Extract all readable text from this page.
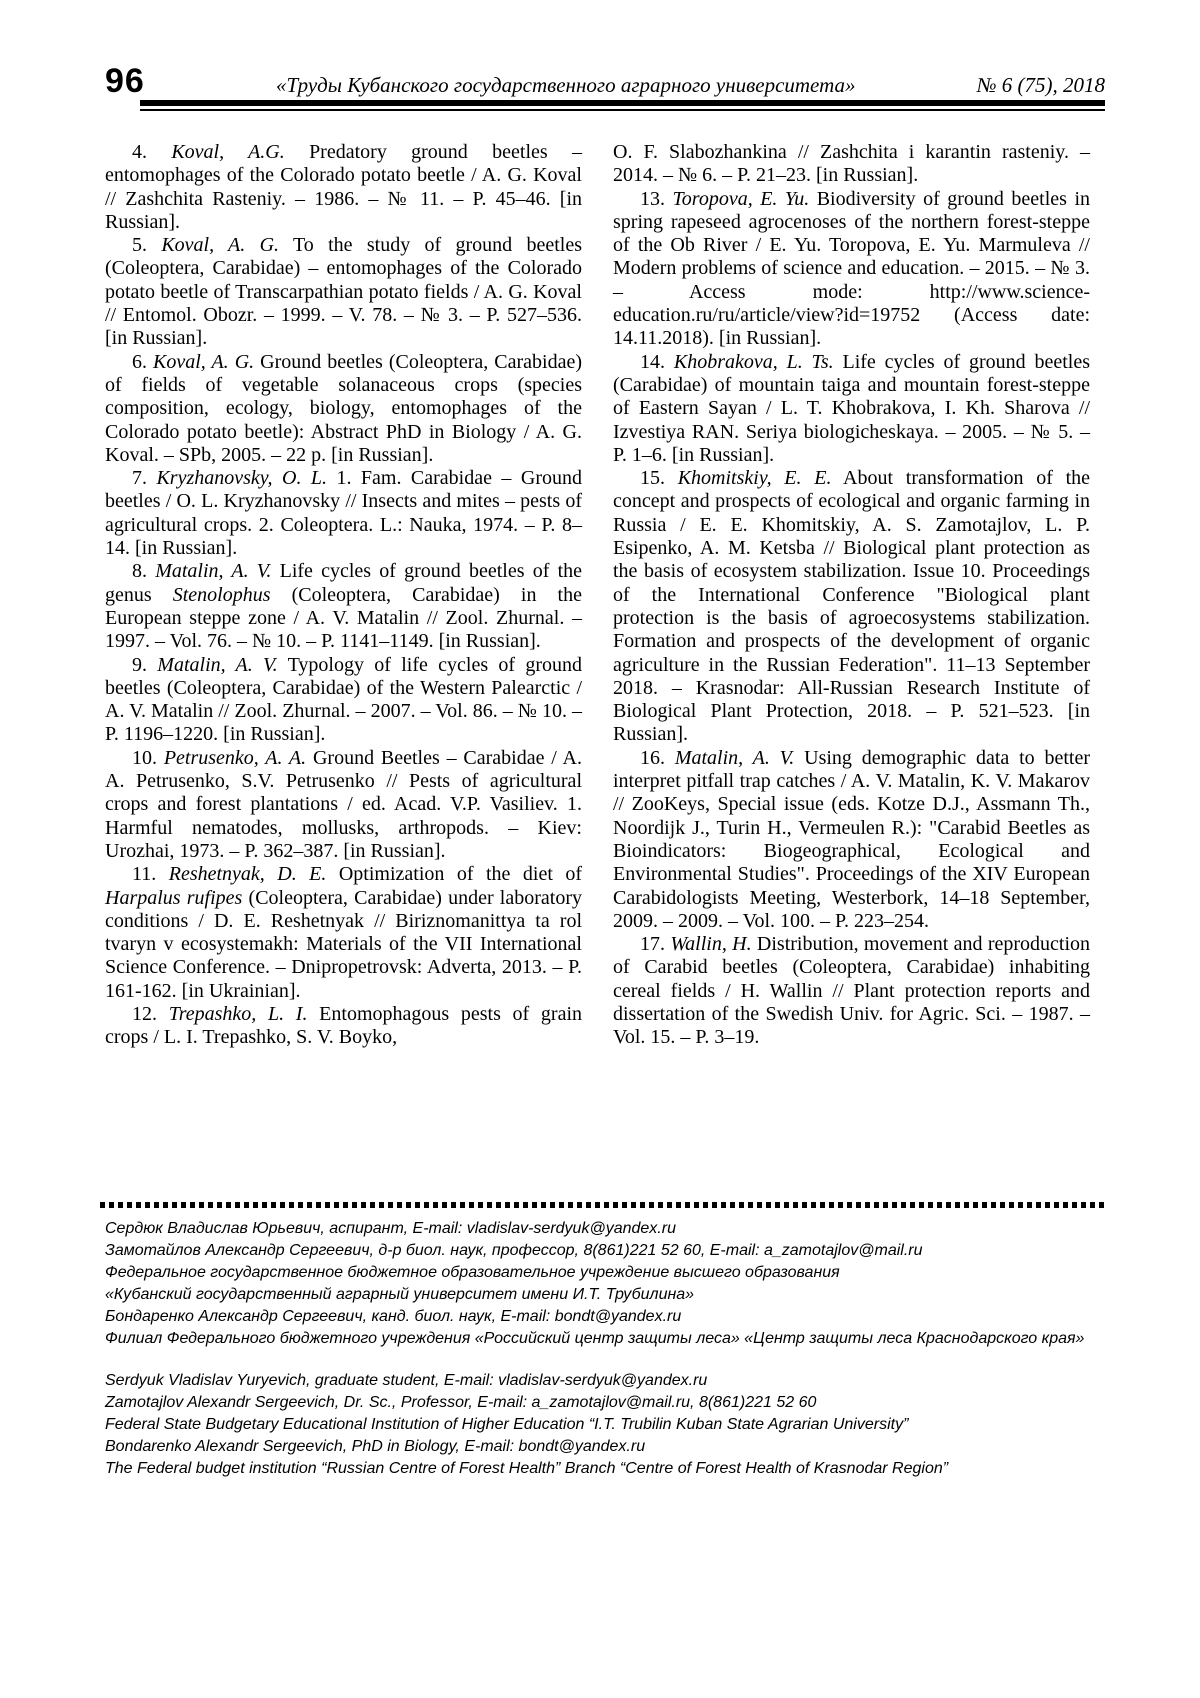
96	«Труды Кубанского государственного аграрного университета»	№ 6 (75), 2018

4. Koval, A.G. Predatory ground beetles – entomophages of the Colorado potato beetle / A. G. Koval // Zashchita Rasteniy. – 1986. – № 11. – P. 45–46. [in Russian].

5. Koval, A. G. To the study of ground beetles (Coleoptera, Carabidae) – entomophages of the Colorado potato beetle of Transcarpathian potato fields / A. G. Koval // Entomol. Obozr. – 1999. – V. 78. – № 3. – P. 527–536. [in Russian].

6. Koval, A. G. Ground beetles (Coleoptera, Carabidae) of fields of vegetable solanaceous crops (species composition, ecology, biology, entomophages of the Colorado potato beetle): Abstract PhD in Biology / A. G. Koval. – SPb, 2005. – 22 p. [in Russian].

7. Kryzhanovsky, O. L. 1. Fam. Carabidae – Ground beetles / O. L. Kryzhanovsky // Insects and mites – pests of agricultural crops. 2. Coleoptera. L.: Nauka, 1974. – P. 8–14. [in Russian].

8. Matalin, A. V. Life cycles of ground beetles of the genus Stenolophus (Coleoptera, Carabidae) in the European steppe zone / A. V. Matalin // Zool. Zhurnal. – 1997. – Vol. 76. – № 10. – P. 1141–1149. [in Russian].

9. Matalin, A. V. Typology of life cycles of ground beetles (Coleoptera, Carabidae) of the Western Palearctic / A. V. Matalin // Zool. Zhurnal. – 2007. – Vol. 86. – № 10. – P. 1196–1220. [in Russian].

10. Petrusenko, A. A. Ground Beetles – Carabidae / A. A. Petrusenko, S.V. Petrusenko // Pests of agricultural crops and forest plantations / ed. Acad. V.P. Vasiliev. 1. Harmful nematodes, mollusks, arthropods. – Kiev: Urozhai, 1973. – P. 362–387. [in Russian].

11. Reshetnyak, D. E. Optimization of the diet of Harpalus rufipes (Coleoptera, Carabidae) under laboratory conditions / D. E. Reshetnyak // Biriznomanittya ta rol tvaryn v ecosystemakh: Materials of the VII International Science Conference. – Dnipropetrovsk: Adverta, 2013. – P. 161-162. [in Ukrainian].

12. Trepashko, L. I. Entomophagous pests of grain crops / L. I. Trepashko, S. V. Boyko,

O. F. Slabozhankina // Zashchita i karantin rasteniy. – 2014. – № 6. – P. 21–23. [in Russian].

13. Toropova, E. Yu. Biodiversity of ground beetles in spring rapeseed agrocenoses of the northern forest-steppe of the Ob River / E. Yu. Toropova, E. Yu. Marmuleva // Modern problems of science and education. – 2015. – № 3. – Access mode: http://www.science-education.ru/ru/article/view?id=19752 (Access date: 14.11.2018). [in Russian].

14. Khobrakova, L. Ts. Life cycles of ground beetles (Carabidae) of mountain taiga and mountain forest-steppe of Eastern Sayan / L. T. Khobrakova, I. Kh. Sharova // Izvestiya RAN. Seriya biologicheskaya. – 2005. – № 5. – P. 1–6. [in Russian].

15. Khomitskiy, E. E. About transformation of the concept and prospects of ecological and organic farming in Russia / E. E. Khomitskiy, A. S. Zamotajlov, L. P. Esipenko, A. M. Ketsba // Biological plant protection as the basis of ecosystem stabilization. Issue 10. Proceedings of the International Conference "Biological plant protection is the basis of agroecosystems stabilization. Formation and prospects of the development of organic agriculture in the Russian Federation". 11–13 September 2018. – Krasnodar: All-Russian Research Institute of Biological Plant Protection, 2018. – P. 521–523. [in Russian].

16. Matalin, A. V. Using demographic data to better interpret pitfall trap catches / A. V. Matalin, K. V. Makarov // ZooKeys, Special issue (eds. Kotze D.J., Assmann Th., Noordijk J., Turin H., Vermeulen R.): "Carabid Beetles as Bioindicators: Biogeographical, Ecological and Environmental Studies". Proceedings of the XIV European Carabidologists Meeting, Westerbork, 14–18 September, 2009. – 2009. – Vol. 100. – P. 223–254.

17. Wallin, H. Distribution, movement and reproduction of Carabid beetles (Coleoptera, Carabidae) inhabiting cereal fields / H. Wallin // Plant protection reports and dissertation of the Swedish Univ. for Agric. Sci. – 1987. – Vol. 15. – P. 3–19.

Сердюк Владислав Юрьевич, аспирант, E-mail: vladislav-serdyuk@yandex.ru
Замотайлов Александр Сергеевич, д-р биол. наук, профессор, 8(861)221 52 60, E-mail: a_zamotajlov@mail.ru
Федеральное государственное бюджетное образовательное учреждение высшего образования
«Кубанский государственный аграрный университет имени И.Т. Трубилина»
Бондаренко Александр Сергеевич, канд. биол. наук, E-mail: bondt@yandex.ru
Филиал Федерального бюджетного учреждения «Российский центр защиты леса» «Центр защиты леса Краснодарского края»
Serdyuk Vladislav Yuryevich, graduate student, E-mail: vladislav-serdyuk@yandex.ru
Zamotajlov Alexandr Sergeevich, Dr. Sc., Professor, E-mail: a_zamotajlov@mail.ru, 8(861)221 52 60
Federal State Budgetary Educational Institution of Higher Education “I.T. Trubilin Kuban State Agrarian University”
Bondarenko Alexandr Sergeevich, PhD in Biology, E-mail: bondt@yandex.ru
The Federal budget institution “Russian Centre of Forest Health” Branch “Centre of Forest Health of Krasnodar Region”
